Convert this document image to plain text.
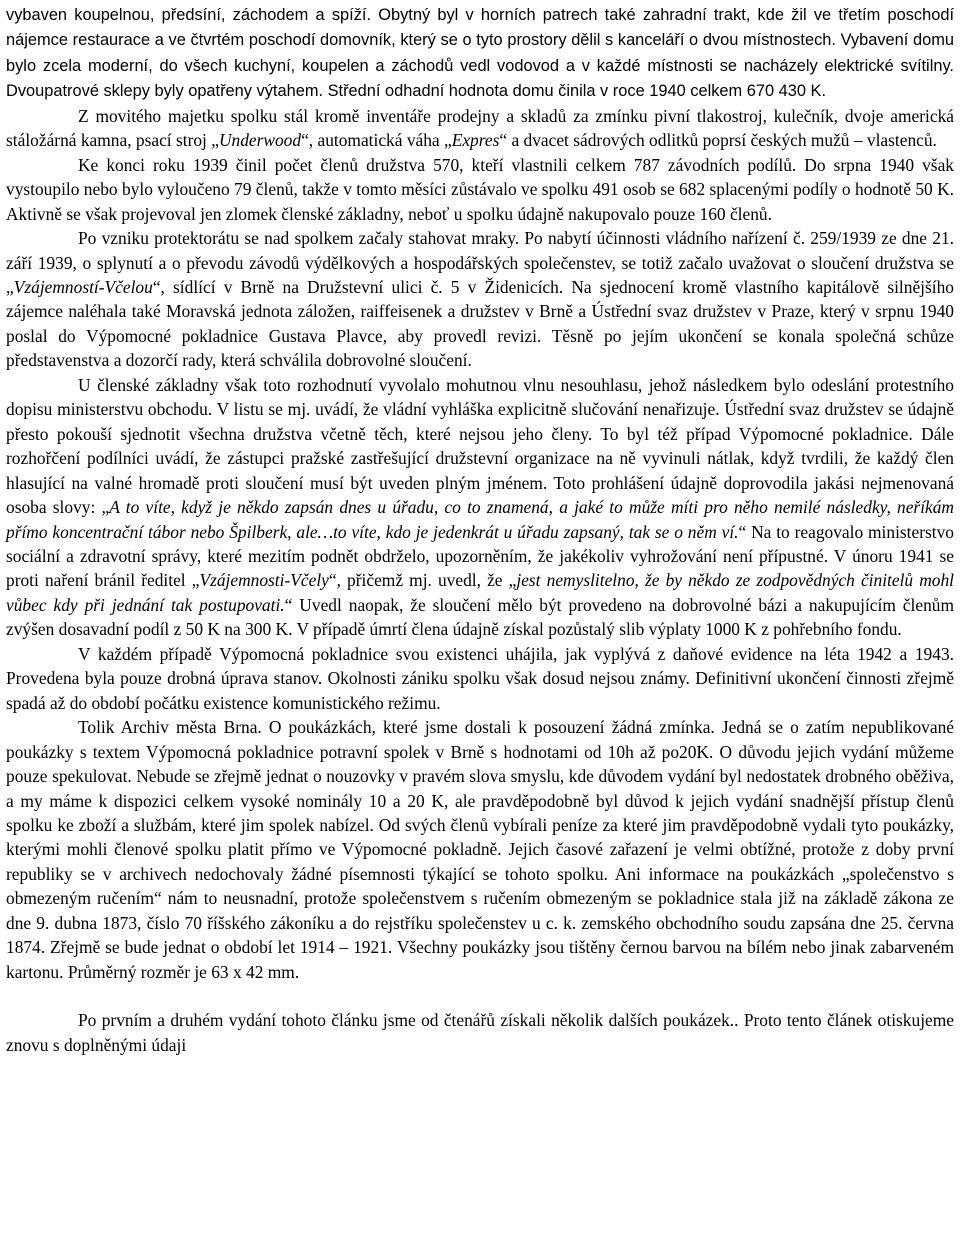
vybaven koupelnou, předsíní, záchodem a spíží. Obytný byl v horních patrech také zahradní trakt, kde žil ve třetím poschodí nájemce restaurace a ve čtvrtém poschodí domovník, který se o tyto prostory dělil s kanceláří o dvou místnostech. Vybavení domu bylo zcela moderní, do všech kuchyní, koupelen a záchodů vedl vodovod a v každé místnosti se nacházely elektrické svítilny. Dvoupatrové sklepy byly opatřeny výtahem. Střední odhadní hodnota domu činila v roce 1940 celkem 670 430 K.

Z movitého majetku spolku stál kromě inventáře prodejny a skladů za zmínku pivní tlakostroj, kulečník, dvoje americká stáložárná kamna, psací stroj „Underwood“, automatická váha „Expres“ a dvacet sádrových odlitků poprsí českých mužů – vlastenců.

Ke konci roku 1939 činil počet členů družstva 570, kteří vlastnili celkem 787 závodních podílů. Do srpna 1940 však vystoupilo nebo bylo vyloučeno 79 členů, takže v tomto měsíci zůstávalo ve spolku 491 osob se 682 splacenými podíly o hodnotě 50 K. Aktivně se však projevoval jen zlomek členské základny, neboť u spolku údajně nakupovalo pouze 160 členů.

Po vzniku protektorátu se nad spolkem začaly stahovat mraky. Po nabytí účinnosti vládního nařízení č. 259/1939 ze dne 21. září 1939, o splynutí a o převodu závodů výdělkových a hospodářských společenstev, se totiž začalo uvažovat o sloučení družstva se „Vzájemností-Včelou“, sídlící v Brně na Družstevní ulici č. 5 v Židenicích. Na sjednocení kromě vlastního kapitálově silnějšího zájemce naléhala také Moravská jednota záložen, raiffeisenek a družstev v Brně a Ústřední svaz družstev v Praze, který v srpnu 1940 poslal do Výpomocné pokladnice Gustava Plavce, aby provedl revizi. Těsně po jejím ukončení se konala společná schůze představenstva a dozorčí rady, která schválila dobrovolné sloučení.

U členské základny však toto rozhodnutí vyvolalo mohutnou vlnu nesouhlasu, jehož následkem bylo odeslání protestního dopisu ministerstvu obchodu. V listu se mj. uvádí, že vládní vyhláška explicitně slučování nenařizuje. Ústřední svaz družstev se údajně přesto pokouší sjednotit všechna družstva včetně těch, které nejsou jeho členy. To byl též případ Výpomocné pokladnice. Dále rozhořčení podílníci uvádí, že zástupci pražské zastřešující družstevní organizace na ně vyvinuli nátlak, když tvrdili, že každý člen hlasující na valné hromadě proti sloučení musí být uveden plným jménem. Toto prohlášení údajně doprovodila jakási nejmenovaná osoba slovy: „A to víte, když je někdo zapsán dnes u úřadu, co to znamená, a jaké to může míti pro něho nemilé následky, neříkám přímo koncentrační tábor nebo Špilberk, ale…to víte, kdo je jedenkrát u úřadu zapsaný, tak se o něm ví.“ Na to reagovalo ministerstvo sociální a zdravotní správy, které mezitím podnět obdrželo, upozorněním, že jakékoliv vyhrožování není přípustné. V únoru 1941 se proti naření bránil ředitel „Vzájemnosti-Včely“, přičemž mj. uvedl, že „jest nemyslitelno, že by někdo ze zodpovědných činitelů mohl vůbec kdy při jednání tak postupovati.“ Uvedl naopak, že sloučení mělo být provedeno na dobrovolné bázi a nakupujícím členům zvýšen dosavadní podíl z 50 K na 300 K. V případě úmrtí člena údajně získal pozůstalý slib výplaty 1000 K z pohřebního fondu.

V každém případě Výpomocná pokladnice svou existenci uhájila, jak vyplývá z daňové evidence na léta 1942 a 1943. Provedena byla pouze drobná úprava stanov. Okolnosti zániku spolku však dosud nejsou známy. Definitivní ukončení činnosti zřejmě spadá až do období počátku existence komunistického režimu.

Tolik Archiv města Brna. O poukázkách, které jsme dostali k posouzení žádná zmínka. Jedná se o zatím nepublikované poukázky s textem Výpomocná pokladnice potravní spolek v Brně s hodnotami od 10h až po20K. O důvodu jejich vydání můžeme pouze spekulovat. Nebude se zřejmě jednat o nouzovky v pravém slova smyslu, kde důvodem vydání byl nedostatek drobného oběživa, a my máme k dispozici celkem vysoké nominály 10 a 20 K, ale pravděpodobně byl důvod k jejich vydání snadnější přístup členů spolku ke zboží a službám, které jim spolek nabízel. Od svých členů vybírali peníze za které jim pravděpodobně vydali tyto poukázky, kterými mohli členové spolku platit přímo ve Výpomocné pokladně. Jejich časové zařazení je velmi obtížné, protože z doby první republiky se v archivech nedochovaly žádné písemnosti týkající se tohoto spolku. Ani informace na poukázkách „společenstvo s obmezeným ručením“ nám to neusnadní, protože společenstvem s ručením obmezeným se pokladnice stala již na základě zákona ze dne 9. dubna 1873, číslo 70 říšského zákoníku a do rejstříku společenstev u c. k. zemského obchodního soudu zapsána dne 25. června 1874. Zřejmě se bude jednat o období let 1914 – 1921. Všechny poukázky jsou tištěny černou barvou na bílém nebo jinak zabarveném kartonu. Průměrný rozměr je 63 x 42 mm.

Po prvním a druhém vydání tohoto článku jsme od čtenářů získali několik dalších poukázek.. Proto tento článek otiskujeme znovu s doplněnými údaji
